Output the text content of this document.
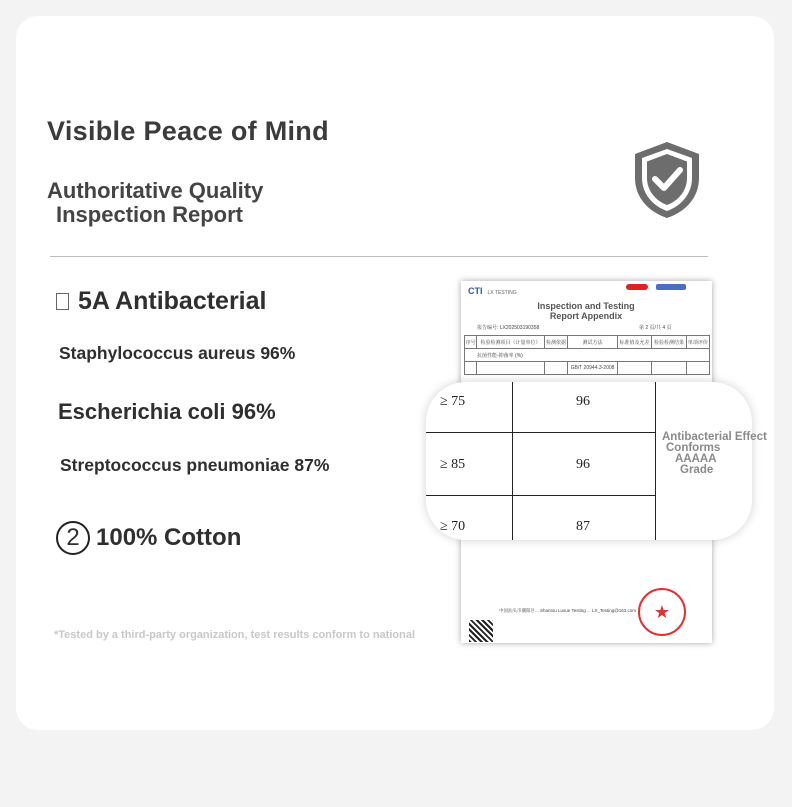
Visible Peace of Mind
Authoritative Quality
Inspection Report
5A Antibacterial
Staphylococcus aureus 96%
Escherichia coli 96%
Streptococcus pneumoniae 87%
2 100% Cotton
*Tested by a third-party organization, test results conform to national
CTI LX TESTING
Inspection and Testing
Report Appendix
报告编号: LX202503190358	第 2 页/共 4 页
序号	检验检测项目（计量单位）	检测依据	测试方法	标准值及允差	检验检测结果	单项评价
抗菌性能-抑菌率 (%)						
			GB/T 20944.3-2008			
★
中国汕头市潮阳区... Shantou Luxue Testing ... LX_Testing@163.com
≥ 75	96
≥ 85	96
≥ 70	87
Antibacterial Effect
Conforms
AAAAA
Grade
